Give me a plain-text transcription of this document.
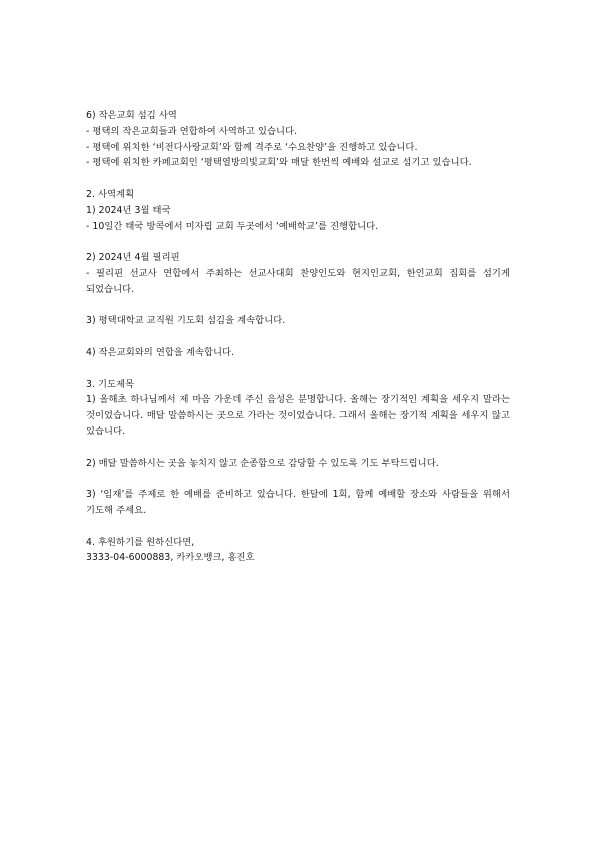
6) 작은교회 섬김 사역
- 평택의 작은교회들과 연합하여 사역하고 있습니다.
- 평택에 위치한 ‘비전다사랑교회’와 함께 격주로 ‘수요찬양’을 진행하고 있습니다.
- 평택에 위치한 카페교회인 ‘평택열방의빛교회’와 매달 한번씩 예배와 설교로 섬기고 있습니다.
2. 사역계획
1) 2024년 3월 태국
- 10일간 태국 방콕에서 미자립 교회 두곳에서 ‘예배학교’를 진행합니다.
2) 2024년 4월 필리핀
- 필리핀 선교사 연합에서 주최하는 선교사대회 찬양인도와 현지인교회, 한인교회 집회를 섬기게 되었습니다.
3) 평택대학교 교직원 기도회 섬김을 계속합니다.
4) 작은교회와의 연합을 계속합니다.
3. 기도제목
1) 올해초 하나님께서 제 마음 가운데 주신 음성은 분명합니다. 올해는 장기적인 계획을 세우지 말라는 것이었습니다. 매달 말씀하시는 곳으로 가라는 것이었습니다. 그래서 올해는 장기적 계획을 세우지 않고 있습니다.
2) 매달 말씀하시는 곳을 놓치지 않고 순종함으로 감당할 수 있도록 기도 부탁드립니다.
3) ‘임재’를 주제로 한 예배를 준비하고 있습니다. 한달에 1회, 함께 예배할 장소와 사람들을 위해서 기도해 주세요.
4. 후원하기를 원하신다면,
3333-04-6000883, 카카오뱅크, 홍진호
